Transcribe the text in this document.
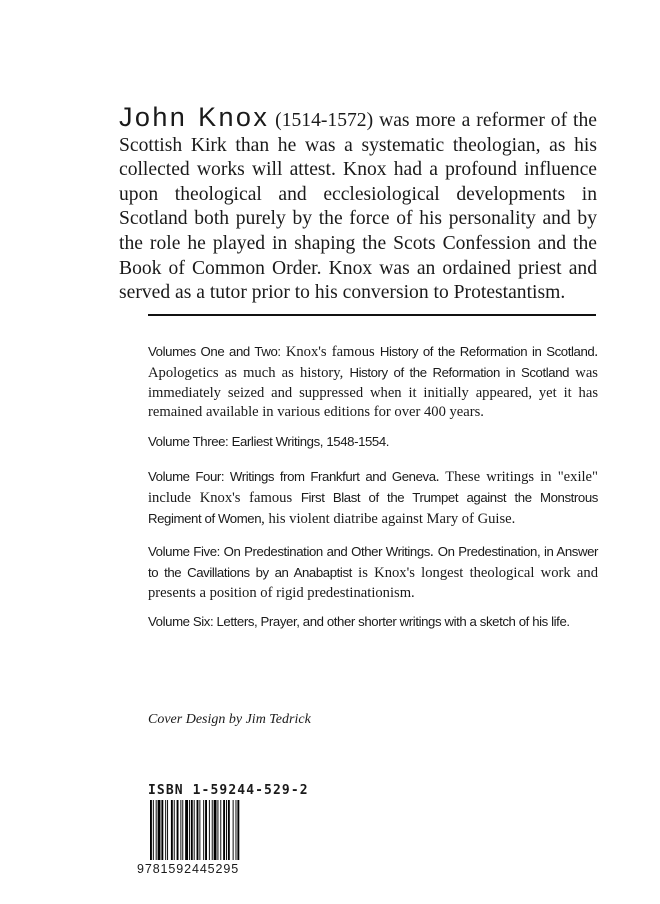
John Knox (1514-1572) was more a reformer of the Scottish Kirk than he was a systematic theologian, as his collected works will attest. Knox had a profound influence upon theological and ecclesiological developments in Scotland both purely by the force of his personality and by the role he played in shaping the Scots Confession and the Book of Common Order. Knox was an ordained priest and served as a tutor prior to his conversion to Protestantism.

Volumes One and Two: Knox's famous History of the Reformation in Scotland. Apologetics as much as history, History of the Reformation in Scotland was immediately seized and suppressed when it initially appeared, yet it has remained available in various editions for over 400 years.

Volume Three: Earliest Writings, 1548-1554.

Volume Four: Writings from Frankfurt and Geneva. These writings in "exile" include Knox's famous First Blast of the Trumpet against the Monstrous Regiment of Women, his violent diatribe against Mary of Guise.

Volume Five: On Predestination and Other Writings. On Predestination, in Answer to the Cavillations by an Anabaptist is Knox's longest theological work and presents a position of rigid predestinationism.

Volume Six: Letters, Prayer, and other shorter writings with a sketch of his life.

Cover Design by Jim Tedrick
ISBN 1-59244-529-2
9781592445295
